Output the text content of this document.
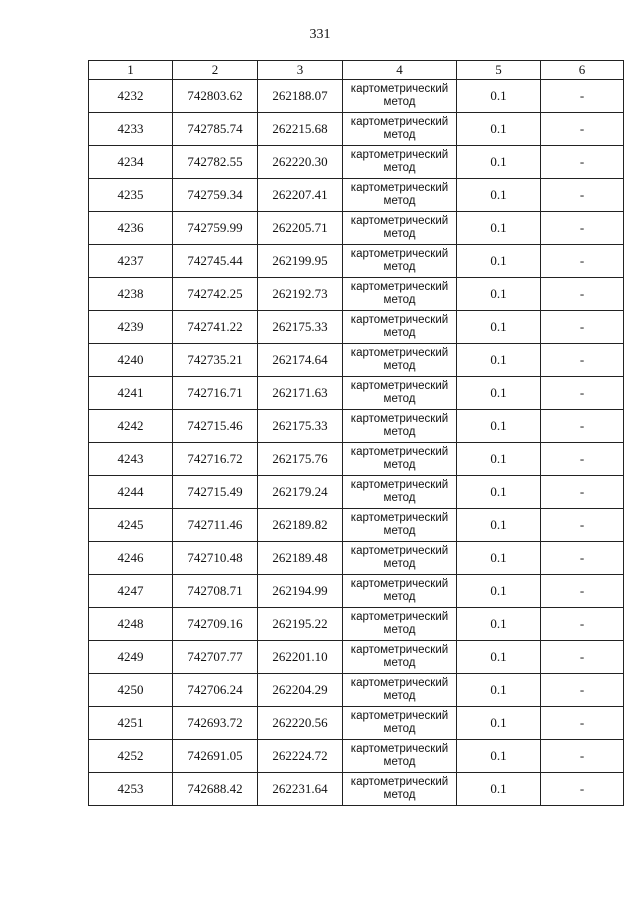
331
1	2	3	4	5	6
4232	742803.62	262188.07	картометрический метод	0.1	-
4233	742785.74	262215.68	картометрический метод	0.1	-
4234	742782.55	262220.30	картометрический метод	0.1	-
4235	742759.34	262207.41	картометрический метод	0.1	-
4236	742759.99	262205.71	картометрический метод	0.1	-
4237	742745.44	262199.95	картометрический метод	0.1	-
4238	742742.25	262192.73	картометрический метод	0.1	-
4239	742741.22	262175.33	картометрический метод	0.1	-
4240	742735.21	262174.64	картометрический метод	0.1	-
4241	742716.71	262171.63	картометрический метод	0.1	-
4242	742715.46	262175.33	картометрический метод	0.1	-
4243	742716.72	262175.76	картометрический метод	0.1	-
4244	742715.49	262179.24	картометрический метод	0.1	-
4245	742711.46	262189.82	картометрический метод	0.1	-
4246	742710.48	262189.48	картометрический метод	0.1	-
4247	742708.71	262194.99	картометрический метод	0.1	-
4248	742709.16	262195.22	картометрический метод	0.1	-
4249	742707.77	262201.10	картометрический метод	0.1	-
4250	742706.24	262204.29	картометрический метод	0.1	-
4251	742693.72	262220.56	картометрический метод	0.1	-
4252	742691.05	262224.72	картометрический метод	0.1	-
4253	742688.42	262231.64	картометрический метод	0.1	-
